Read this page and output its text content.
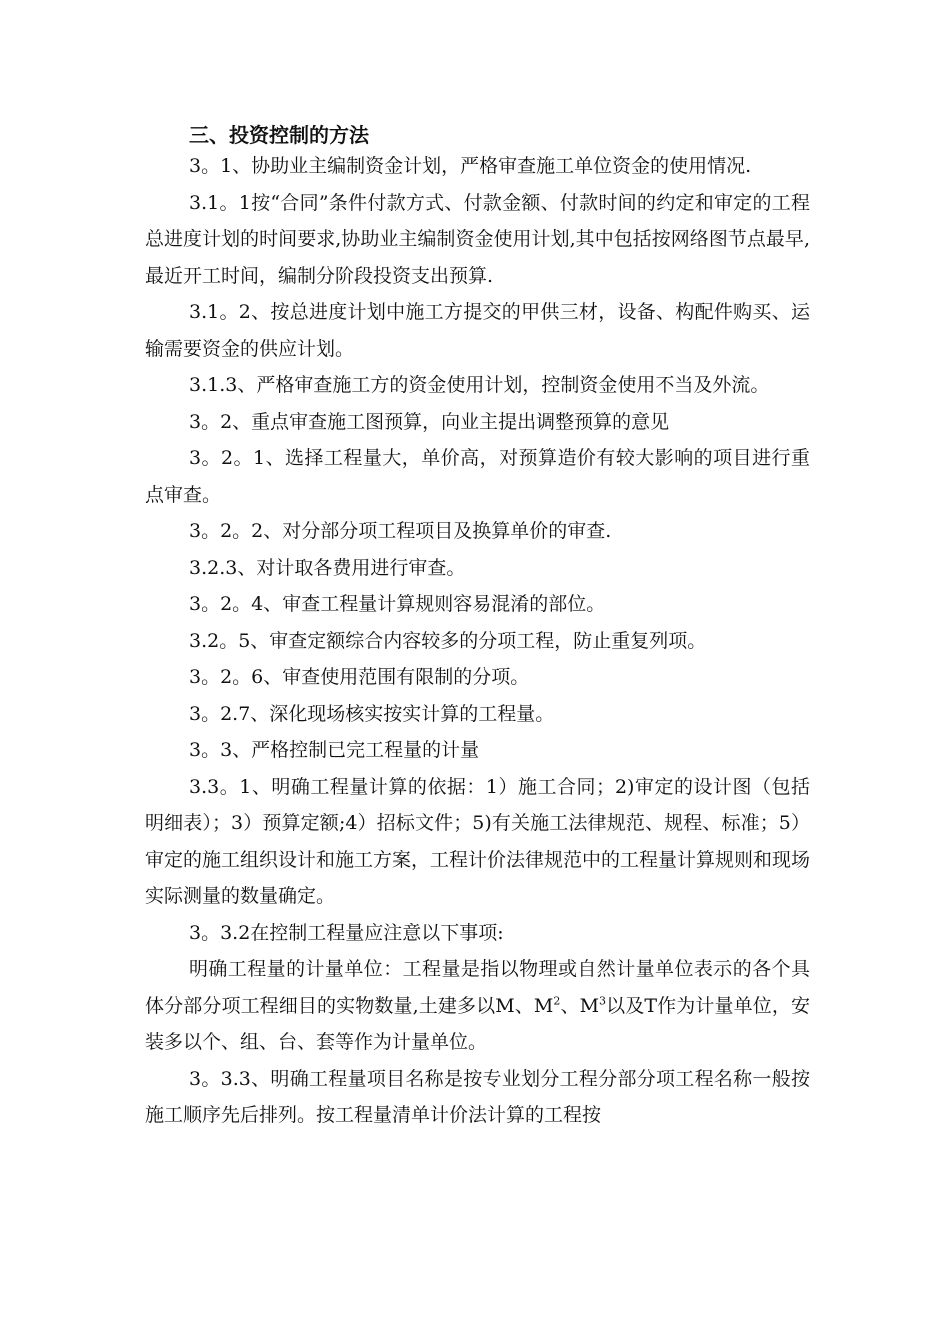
三、投资控制的方法

3。1、协助业主编制资金计划，严格审查施工单位资金的使用情况.

3.1。1按“合同”条件付款方式、付款金额、付款时间的约定和审定的工程总进度计划的时间要求,协助业主编制资金使用计划,其中包括按网络图节点最早,最近开工时间，编制分阶段投资支出预算.

3.1。2、按总进度计划中施工方提交的甲供三材，设备、构配件购买、运输需要资金的供应计划。

3.1.3、严格审查施工方的资金使用计划，控制资金使用不当及外流。

3。2、重点审查施工图预算，向业主提出调整预算的意见

3。2。1、选择工程量大，单价高，对预算造价有较大影响的项目进行重点审查。

3。2。2、对分部分项工程项目及换算单价的审查.

3.2.3、对计取各费用进行审查。

3。2。4、审查工程量计算规则容易混淆的部位。

3.2。5、审查定额综合内容较多的分项工程，防止重复列项。

3。2。6、审查使用范围有限制的分项。

3。2.7、深化现场核实按实计算的工程量。

3。3、严格控制已完工程量的计量

3.3。1、明确工程量计算的依据：1）施工合同；2)审定的设计图（包括明细表）；3）预算定额;4）招标文件；5)有关施工法律规范、规程、标准；5）审定的施工组织设计和施工方案，工程计价法律规范中的工程量计算规则和现场实际测量的数量确定。

3。3.2在控制工程量应注意以下事项:

明确工程量的计量单位：工程量是指以物理或自然计量单位表示的各个具体分部分项工程细目的实物数量,土建多以M、$M^2$、$M^3$以及T作为计量单位，安装多以个、组、台、套等作为计量单位。

3。3.3、明确工程量项目名称是按专业划分工程分部分项工程名称一般按施工顺序先后排列。按工程量清单计价法计算的工程按
